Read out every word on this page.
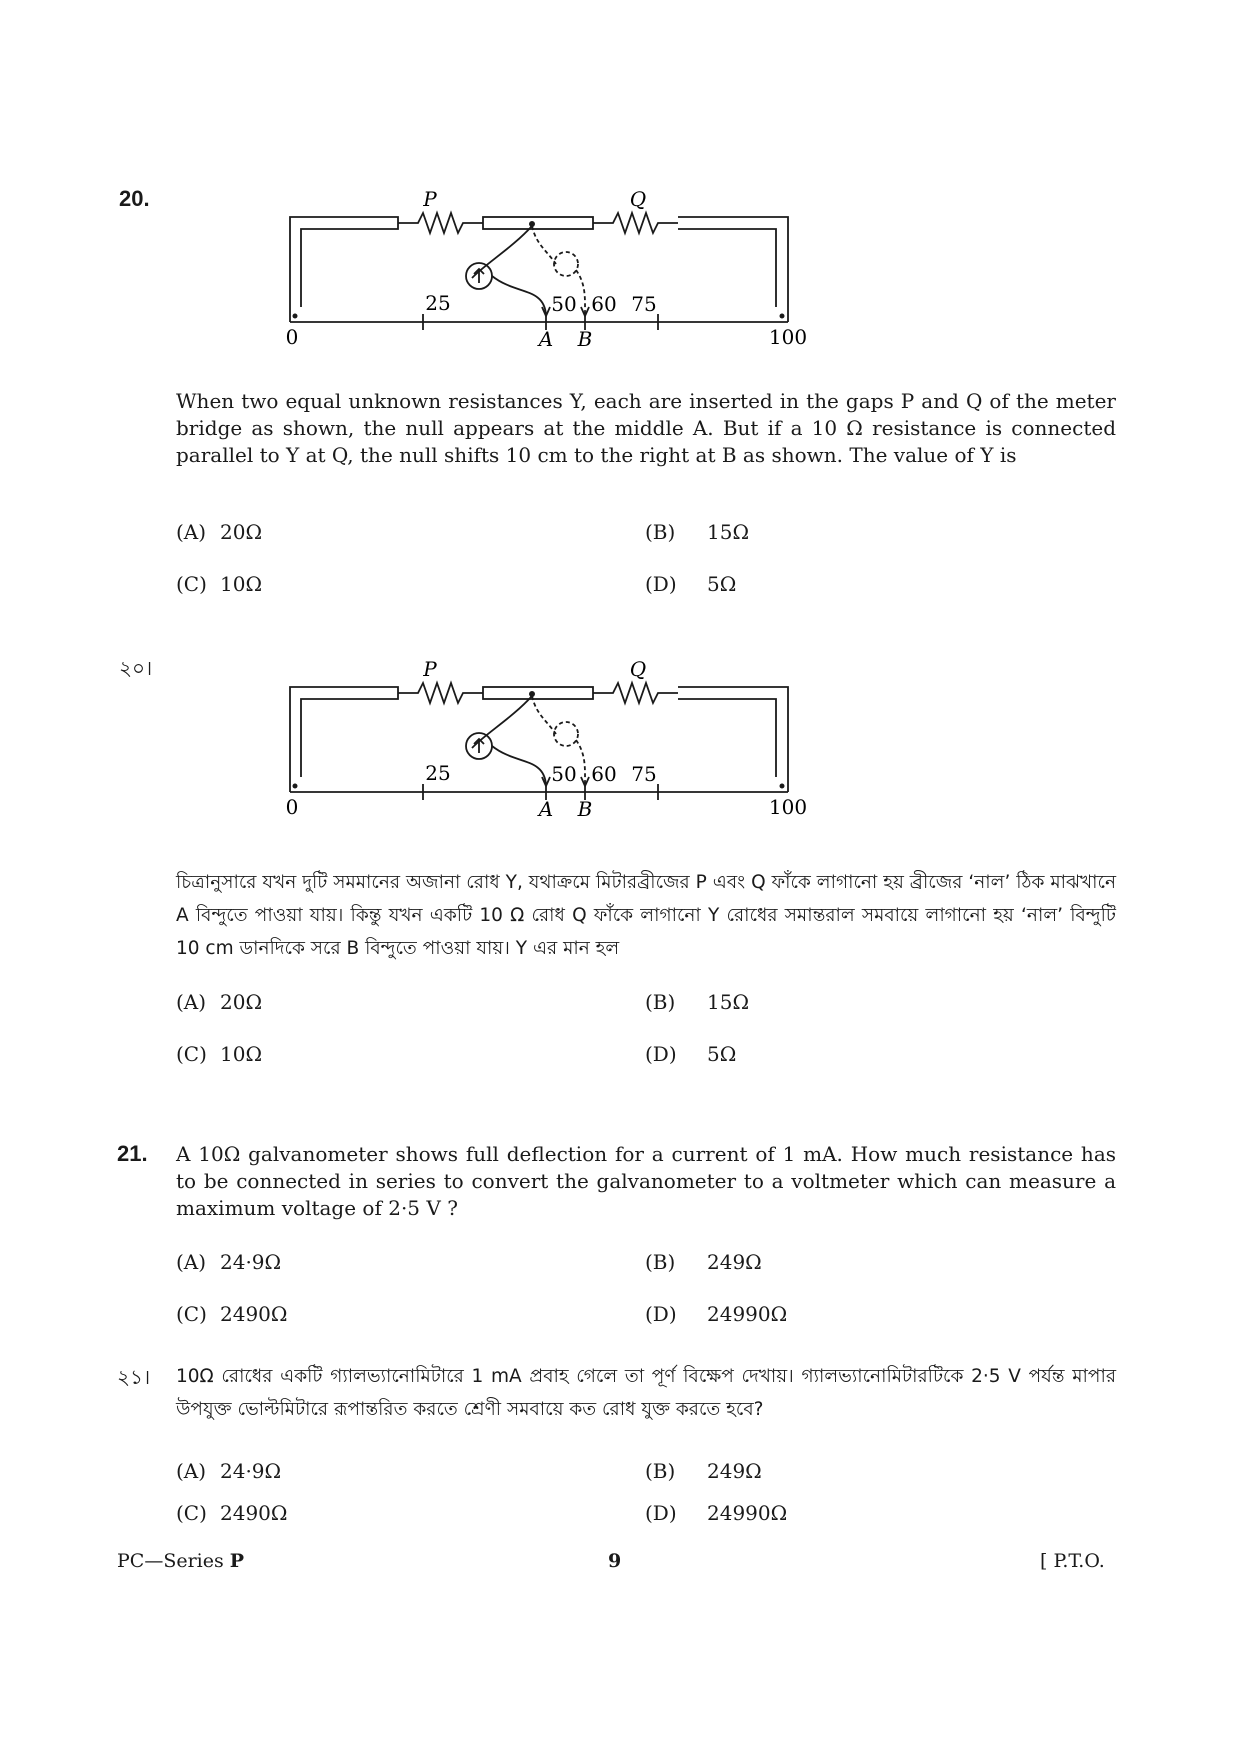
20.	P	Q
0
25	50 60 75
100
A B
When two equal unknown resistances Y, each are inserted in the gaps P and Q of the meter bridge as shown, the null appears at the middle A. But if a 10 Ω resistance is connected parallel to Y at Q, the null shifts 10 cm to the right at B as shown. The value of Y is
(A) 20Ω	(B) 15Ω
(C) 10Ω	(D) 5Ω
২০।	P	Q
0
25	50 60 75
100
A B
চিত্রানুসারে যখন দুটি সমমানের অজানা রোধ Y, যথাক্রমে মিটারব্রীজের P এবং Q ফাঁকে লাগানো হয় ব্রীজের ‘নাল’ ঠিক মাঝখানে A বিন্দুতে পাওয়া যায়। কিন্তু যখন একটি 10 Ω রোধ Q ফাঁকে লাগানো Y রোধের সমান্তরাল সমবায়ে লাগানো হয় ‘নাল’ বিন্দুটি 10 cm ডানদিকে সরে B বিন্দুতে পাওয়া যায়। Y এর মান হল
(A) 20Ω	(B) 15Ω
(C) 10Ω	(D) 5Ω
21. A 10Ω galvanometer shows full deflection for a current of 1 mA. How much resistance has to be connected in series to convert the galvanometer to a voltmeter which can measure a maximum voltage of 2·5 V ?
(A) 24·9Ω	(B) 249Ω
(C) 2490Ω	(D) 24990Ω
২১। 10Ω রোধের একটি গ্যালভ্যানোমিটারে 1 mA প্রবাহ গেলে তা পূর্ণ বিক্ষেপ দেখায়। গ্যালভ্যানোমিটারটিকে 2·5 V পর্যন্ত মাপার উপযুক্ত ভোল্টমিটারে রূপান্তরিত করতে শ্রেণী সমবায়ে কত রোধ যুক্ত করতে হবে?
(A) 24·9Ω	(B) 249Ω
(C) 2490Ω	(D) 24990Ω
PC—Series P	9	[ P.T.O.
